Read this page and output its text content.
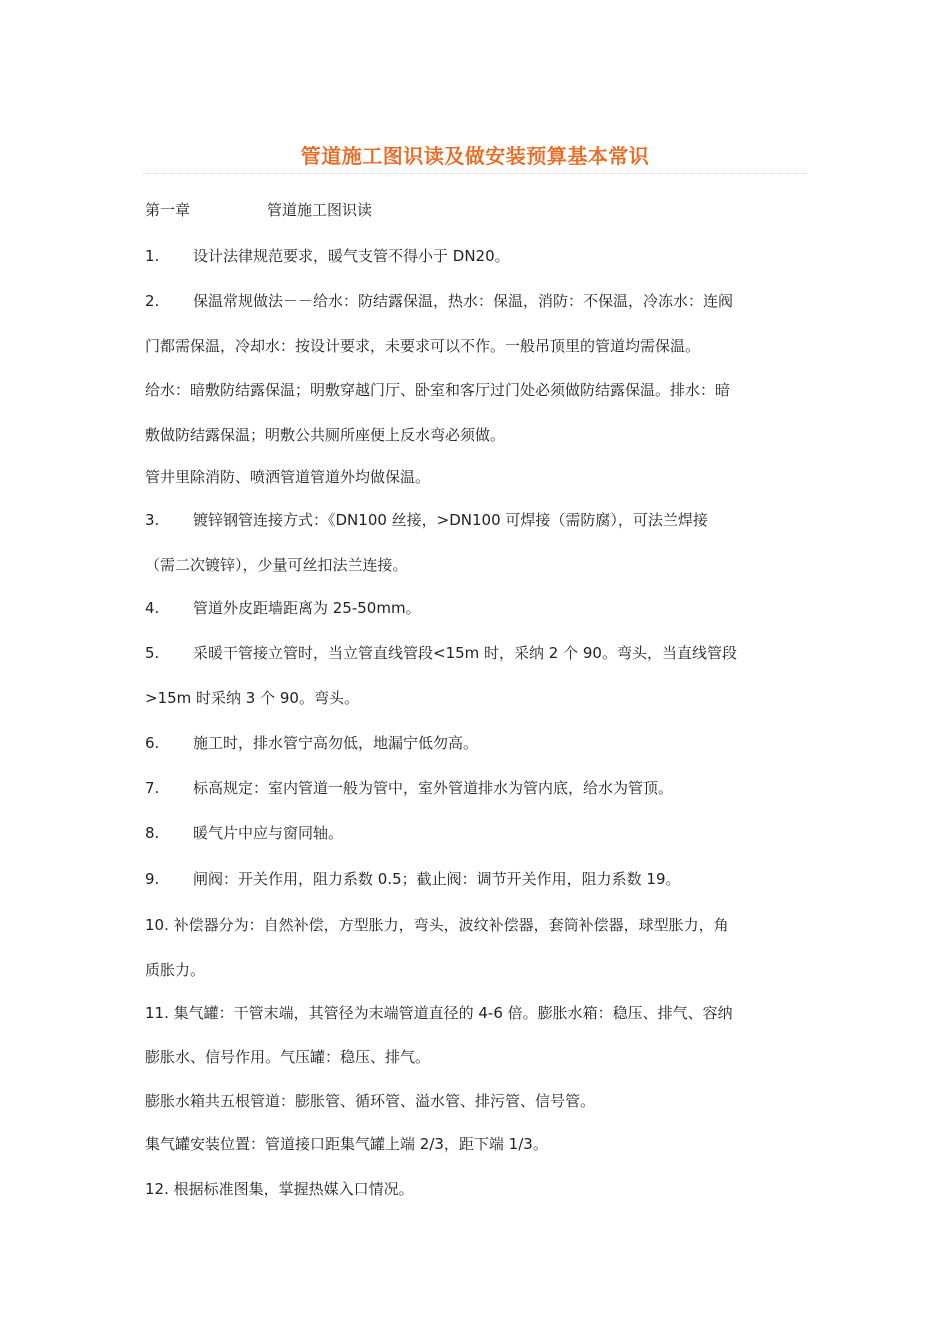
管道施工图识读及做安装预算基本常识
第一章	管道施工图识读
1. 设计法律规范要求，暖气支管不得小于 DN20。
2. 保温常规做法－－给水：防结露保温，热水：保温，消防：不保温，冷冻水：连阀
门都需保温，冷却水：按设计要求，未要求可以不作。一般吊顶里的管道均需保温。
给水：暗敷防结露保温；明敷穿越门厅、卧室和客厅过门处必须做防结露保温。排水：暗
敷做防结露保温；明敷公共厕所座便上反水弯必须做。
管井里除消防、喷洒管道管道外均做保温。
3. 镀锌钢管连接方式：《DN100 丝接，>DN100 可焊接（需防腐），可法兰焊接
（需二次镀锌），少量可丝扣法兰连接。
4. 管道外皮距墙距离为 25-50mm。
5. 采暖干管接立管时，当立管直线管段<15m 时，采纳 2 个 90。弯头，当直线管段
>15m 时采纳 3 个 90。弯头。
6. 施工时，排水管宁高勿低，地漏宁低勿高。
7. 标高规定：室内管道一般为管中，室外管道排水为管内底，给水为管顶。
8. 暖气片中应与窗同轴。
9. 闸阀：开关作用，阻力系数 0.5；截止阀：调节开关作用，阻力系数 19。
10. 补偿器分为：自然补偿，方型胀力，弯头，波纹补偿器，套筒补偿器，球型胀力，角
质胀力。
11. 集气罐：干管末端，其管径为末端管道直径的 4-6 倍。膨胀水箱：稳压、排气、容纳
膨胀水、信号作用。气压罐：稳压、排气。
膨胀水箱共五根管道：膨胀管、循环管、溢水管、排污管、信号管。
集气罐安装位置：管道接口距集气罐上端 2/3，距下端 1/3。
12. 根据标准图集，掌握热媒入口情况。
